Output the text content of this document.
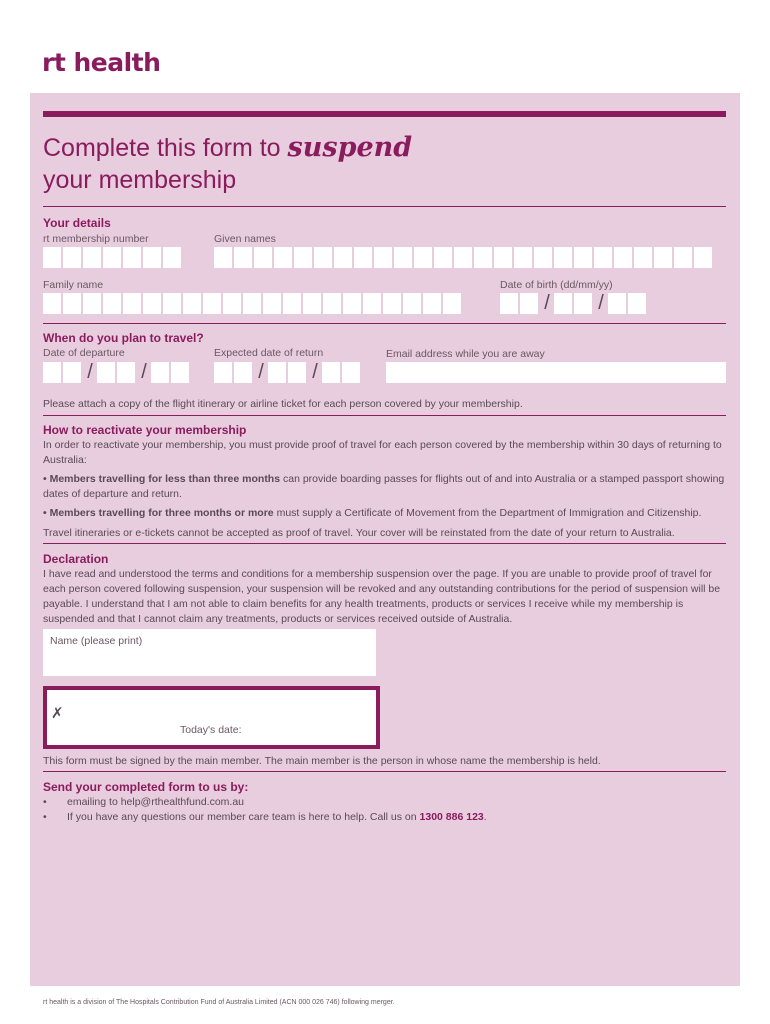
rt health
Complete this form to suspend
your membership
Your details
rt membership number	Given names
Family name	Date of birth (dd/mm/yy)
/ /
When do you plan to travel?
Date of departure	Expected date of return	Email address while you are away
/ /	/ /
Please attach a copy of the flight itinerary or airline ticket for each person covered by your membership.
How to reactivate your membership
In order to reactivate your membership, you must provide proof of travel for each person covered by the membership within 30 days of returning to Australia:
• Members travelling for less than three months can provide boarding passes for flights out of and into Australia or a stamped passport showing dates of departure and return.
• Members travelling for three months or more must supply a Certificate of Movement from the Department of Immigration and Citizenship.
Travel itineraries or e-tickets cannot be accepted as proof of travel. Your cover will be reinstated from the date of your return to Australia.
Declaration
I have read and understood the terms and conditions for a membership suspension over the page. If you are unable to provide proof of travel for each person covered following suspension, your suspension will be revoked and any outstanding contributions for the period of suspension will be payable. I understand that I am not able to claim benefits for any health treatments, products or services I receive while my membership is suspended and that I cannot claim any treatments, products or services received outside of Australia.
Name (please print)
✗
Today's date:
This form must be signed by the main member. The main member is the person in whose name the membership is held.
Send your completed form to us by:
• emailing to help@rthealthfund.com.au
• If you have any questions our member care team is here to help. Call us on 1300 886 123.
rt health is a division of The Hospitals Contribution Fund of Australia Limited (ACN 000 026 746) following merger.
